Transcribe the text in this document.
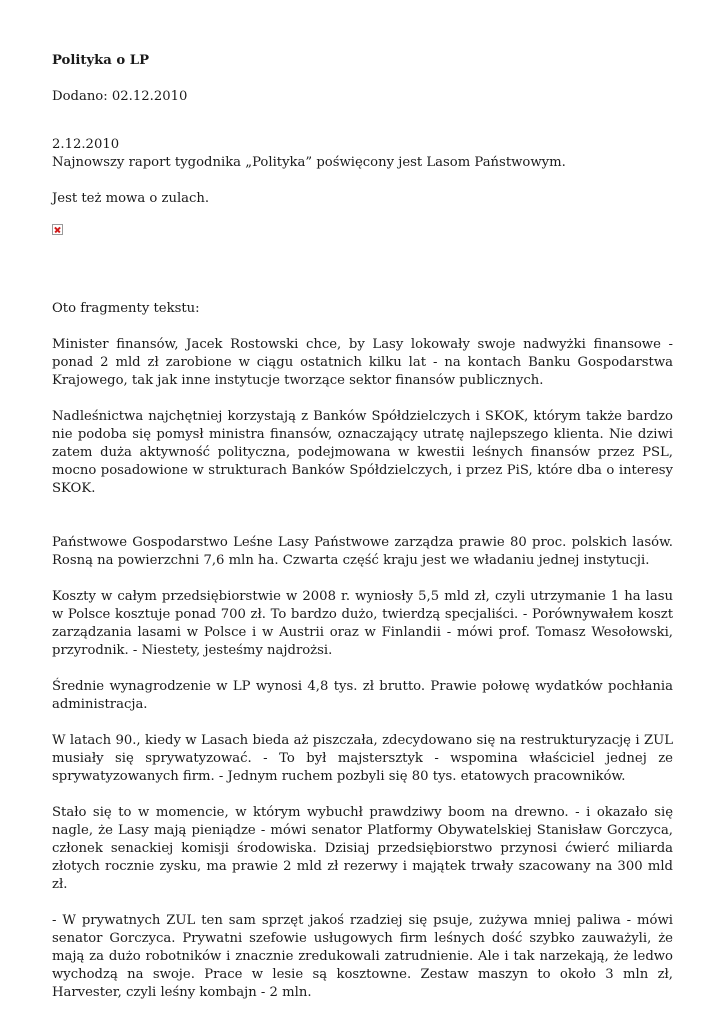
Polityka o LP

Dodano: 02.12.2010

2.12.2010

Najnowszy raport tygodnika „Polityka” poświęcony jest Lasom Państwowym.

Jest też mowa o zulach.

Oto fragmenty tekstu:

Minister finansów, Jacek Rostowski chce, by Lasy lokowały swoje nadwyżki finansowe - ponad 2 mld zł zarobione w ciągu ostatnich kilku lat - na kontach Banku Gospodarstwa Krajowego, tak jak inne instytucje tworzące sektor finansów publicznych.

Nadleśnictwa najchętniej korzystają z Banków Spółdzielczych i SKOK, którym także bardzo nie podoba się pomysł ministra finansów, oznaczający utratę najlepszego klienta. Nie dziwi zatem duża aktywność polityczna, podejmowana w kwestii leśnych finansów przez PSL, mocno posadowione w strukturach Banków Spółdzielczych, i przez PiS, które dba o interesy SKOK.

Państwowe Gospodarstwo Leśne Lasy Państwowe zarządza prawie 80 proc. polskich lasów. Rosną na powierzchni 7,6 mln ha. Czwarta część kraju jest we władaniu jednej instytucji.

Koszty w całym przedsiębiorstwie w 2008 r. wyniosły 5,5 mld zł, czyli utrzymanie 1 ha lasu w Polsce kosztuje ponad 700 zł. To bardzo dużo, twierdzą specjaliści. - Porównywałem koszt zarządzania lasami w Polsce i w Austrii oraz w Finlandii - mówi prof. Tomasz Wesołowski, przyrodnik. - Niestety, jesteśmy najdrożsi.

Średnie wynagrodzenie w LP wynosi 4,8 tys. zł brutto. Prawie połowę wydatków pochłania administracja.

W latach 90., kiedy w Lasach bieda aż piszczała, zdecydowano się na restrukturyzację i ZUL musiały się sprywatyzować. - To był majstersztyk - wspomina właściciel jednej ze sprywatyzowanych firm. - Jednym ruchem pozbyli się 80 tys. etatowych pracowników.

Stało się to w momencie, w którym wybuchł prawdziwy boom na drewno. - i okazało się nagle, że Lasy mają pieniądze - mówi senator Platformy Obywatelskiej Stanisław Gorczyca, członek senackiej komisji środowiska. Dzisiaj przedsiębiorstwo przynosi ćwierć miliarda złotych rocznie zysku, ma prawie 2 mld zł rezerwy i majątek trwały szacowany na 300 mld zł.

- W prywatnych ZUL ten sam sprzęt jakoś rzadziej się psuje, zużywa mniej paliwa - mówi senator Gorczyca. Prywatni szefowie usługowych firm leśnych dość szybko zauważyli, że mają za dużo robotników i znacznie zredukowali zatrudnienie. Ale i tak narzekają, że ledwo wychodzą na swoje. Prace w lesie są kosztowne. Zestaw maszyn to około 3 mln zł, Harvester, czyli leśny kombajn - 2 mln.
